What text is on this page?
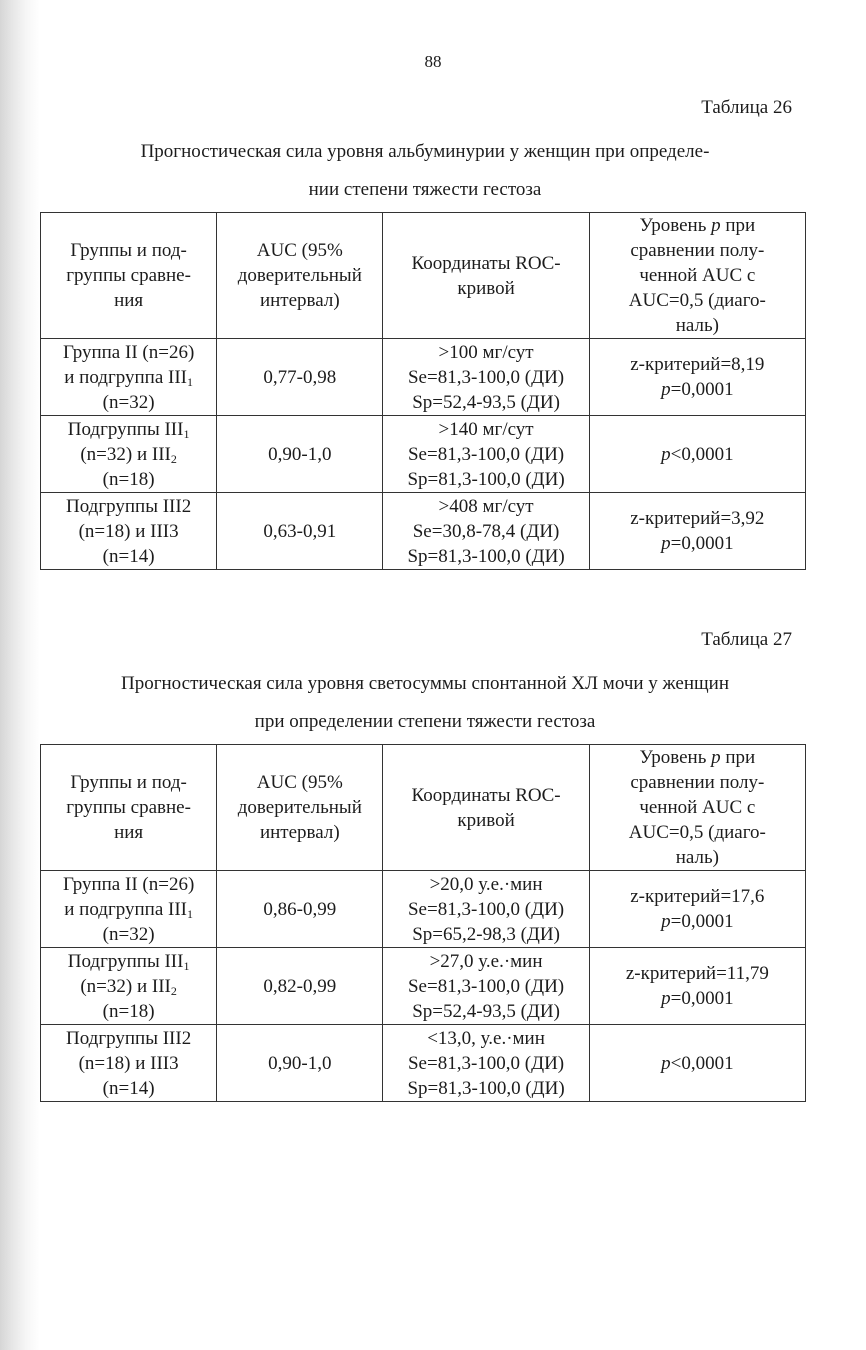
88
Таблица 26
Прогностическая сила уровня альбуминурии у женщин при определе-
нии степени тяжести гестоза
Группы и под-
группы сравне-
ния	AUC (95%
доверительный
интервал)	Координаты ROC-
кривой	Уровень p при
сравнении полу-
ченной AUC с
AUC=0,5 (диаго-
наль)

Группа II (n=26)
и подгруппа $III_1$
(n=32)	0,77-0,98	>100 мг/сут
Se=81,3-100,0 (ДИ)
Sp=52,4-93,5 (ДИ)	z-критерий=8,19
p=0,0001

Подгруппы $III_1$
(n=32) и $III_2$
(n=18)	0,90-1,0	>140 мг/сут
Se=81,3-100,0 (ДИ)
Sp=81,3-100,0 (ДИ)	p<0,0001

Подгруппы III2
(n=18) и III3
(n=14)	0,63-0,91	>408 мг/сут
Se=30,8-78,4 (ДИ)
Sp=81,3-100,0 (ДИ)	z-критерий=3,92
p=0,0001
Таблица 27
Прогностическая сила уровня светосуммы спонтанной ХЛ мочи у женщин
при определении степени тяжести гестоза
Группы и под-
группы сравне-
ния	AUC (95%
доверительный
интервал)	Координаты ROC-
кривой	Уровень p при
сравнении полу-
ченной AUC с
AUC=0,5 (диаго-
наль)

Группа II (n=26)
и подгруппа $III_1$
(n=32)	0,86-0,99	>20,0 у.е.·мин
Se=81,3-100,0 (ДИ)
Sp=65,2-98,3 (ДИ)	z-критерий=17,6
p=0,0001

Подгруппы $III_1$
(n=32) и $III_2$
(n=18)	0,82-0,99	>27,0 у.е.·мин
Se=81,3-100,0 (ДИ)
Sp=52,4-93,5 (ДИ)	z-критерий=11,79
p=0,0001

Подгруппы III2
(n=18) и III3
(n=14)	0,90-1,0	<13,0, у.е.·мин
Se=81,3-100,0 (ДИ)
Sp=81,3-100,0 (ДИ)	p<0,0001
